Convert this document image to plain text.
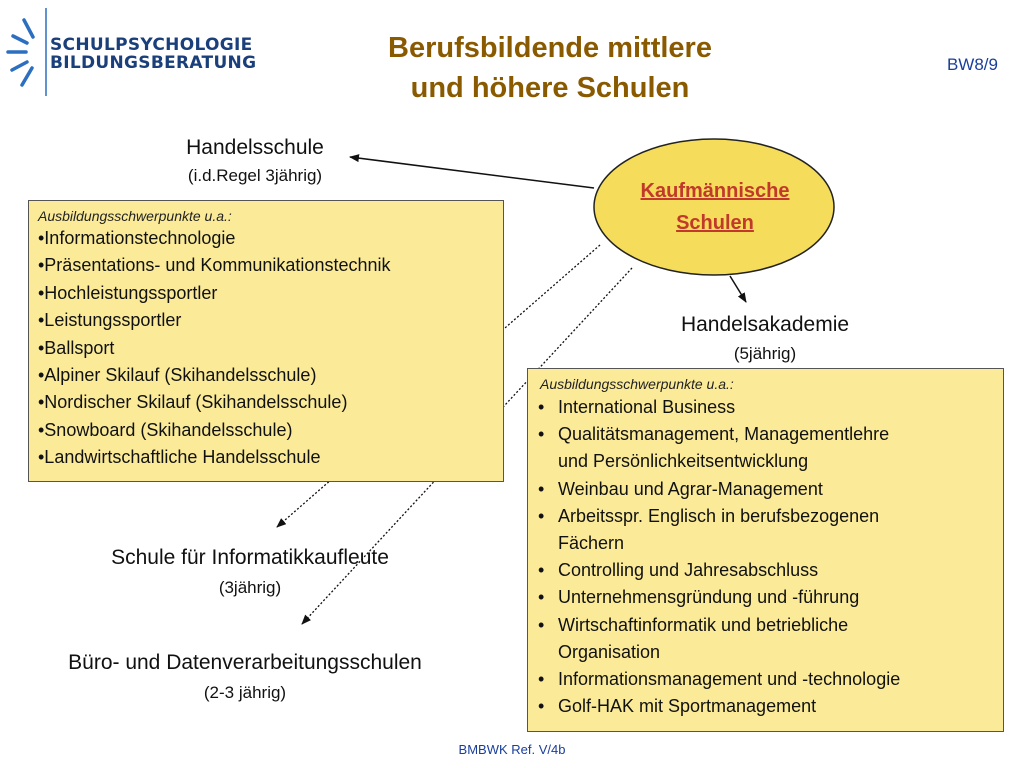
SCHULPSYCHOLOGIE
BILDUNGSBERATUNG	Berufsbildende mittlere
und höhere Schulen
BW8/9
Kaufmännische
Schulen
Handelsschule
(i.d.Regel 3jährig)
Handelsakademie
(5jährig)
Ausbildungsschwerpunkte u.a.:
•Informationstechnologie
•Präsentations- und Kommunikationstechnik
•Hochleistungssportler
•Leistungssportler
•Ballsport
•Alpiner Skilauf (Skihandelsschule)
•Nordischer Skilauf (Skihandelsschule)
•Snowboard (Skihandelsschule)
•Landwirtschaftliche Handelsschule
Ausbildungsschwerpunkte u.a.:
• International Business
• Qualitätsmanagement, Managementlehre
und Persönlichkeitsentwicklung
• Weinbau und Agrar-Management
• Arbeitsspr. Englisch in berufsbezogenen
Fächern
• Controlling und Jahresabschluss
• Unternehmensgründung und -führung
• Wirtschaftinformatik und betriebliche
Organisation
• Informationsmanagement und -technologie
• Golf-HAK mit Sportmanagement
Schule für Informatikkaufleute
(3jährig)
Büro- und Datenverarbeitungsschulen
(2-3 jährig)
BMBWK Ref. V/4b
